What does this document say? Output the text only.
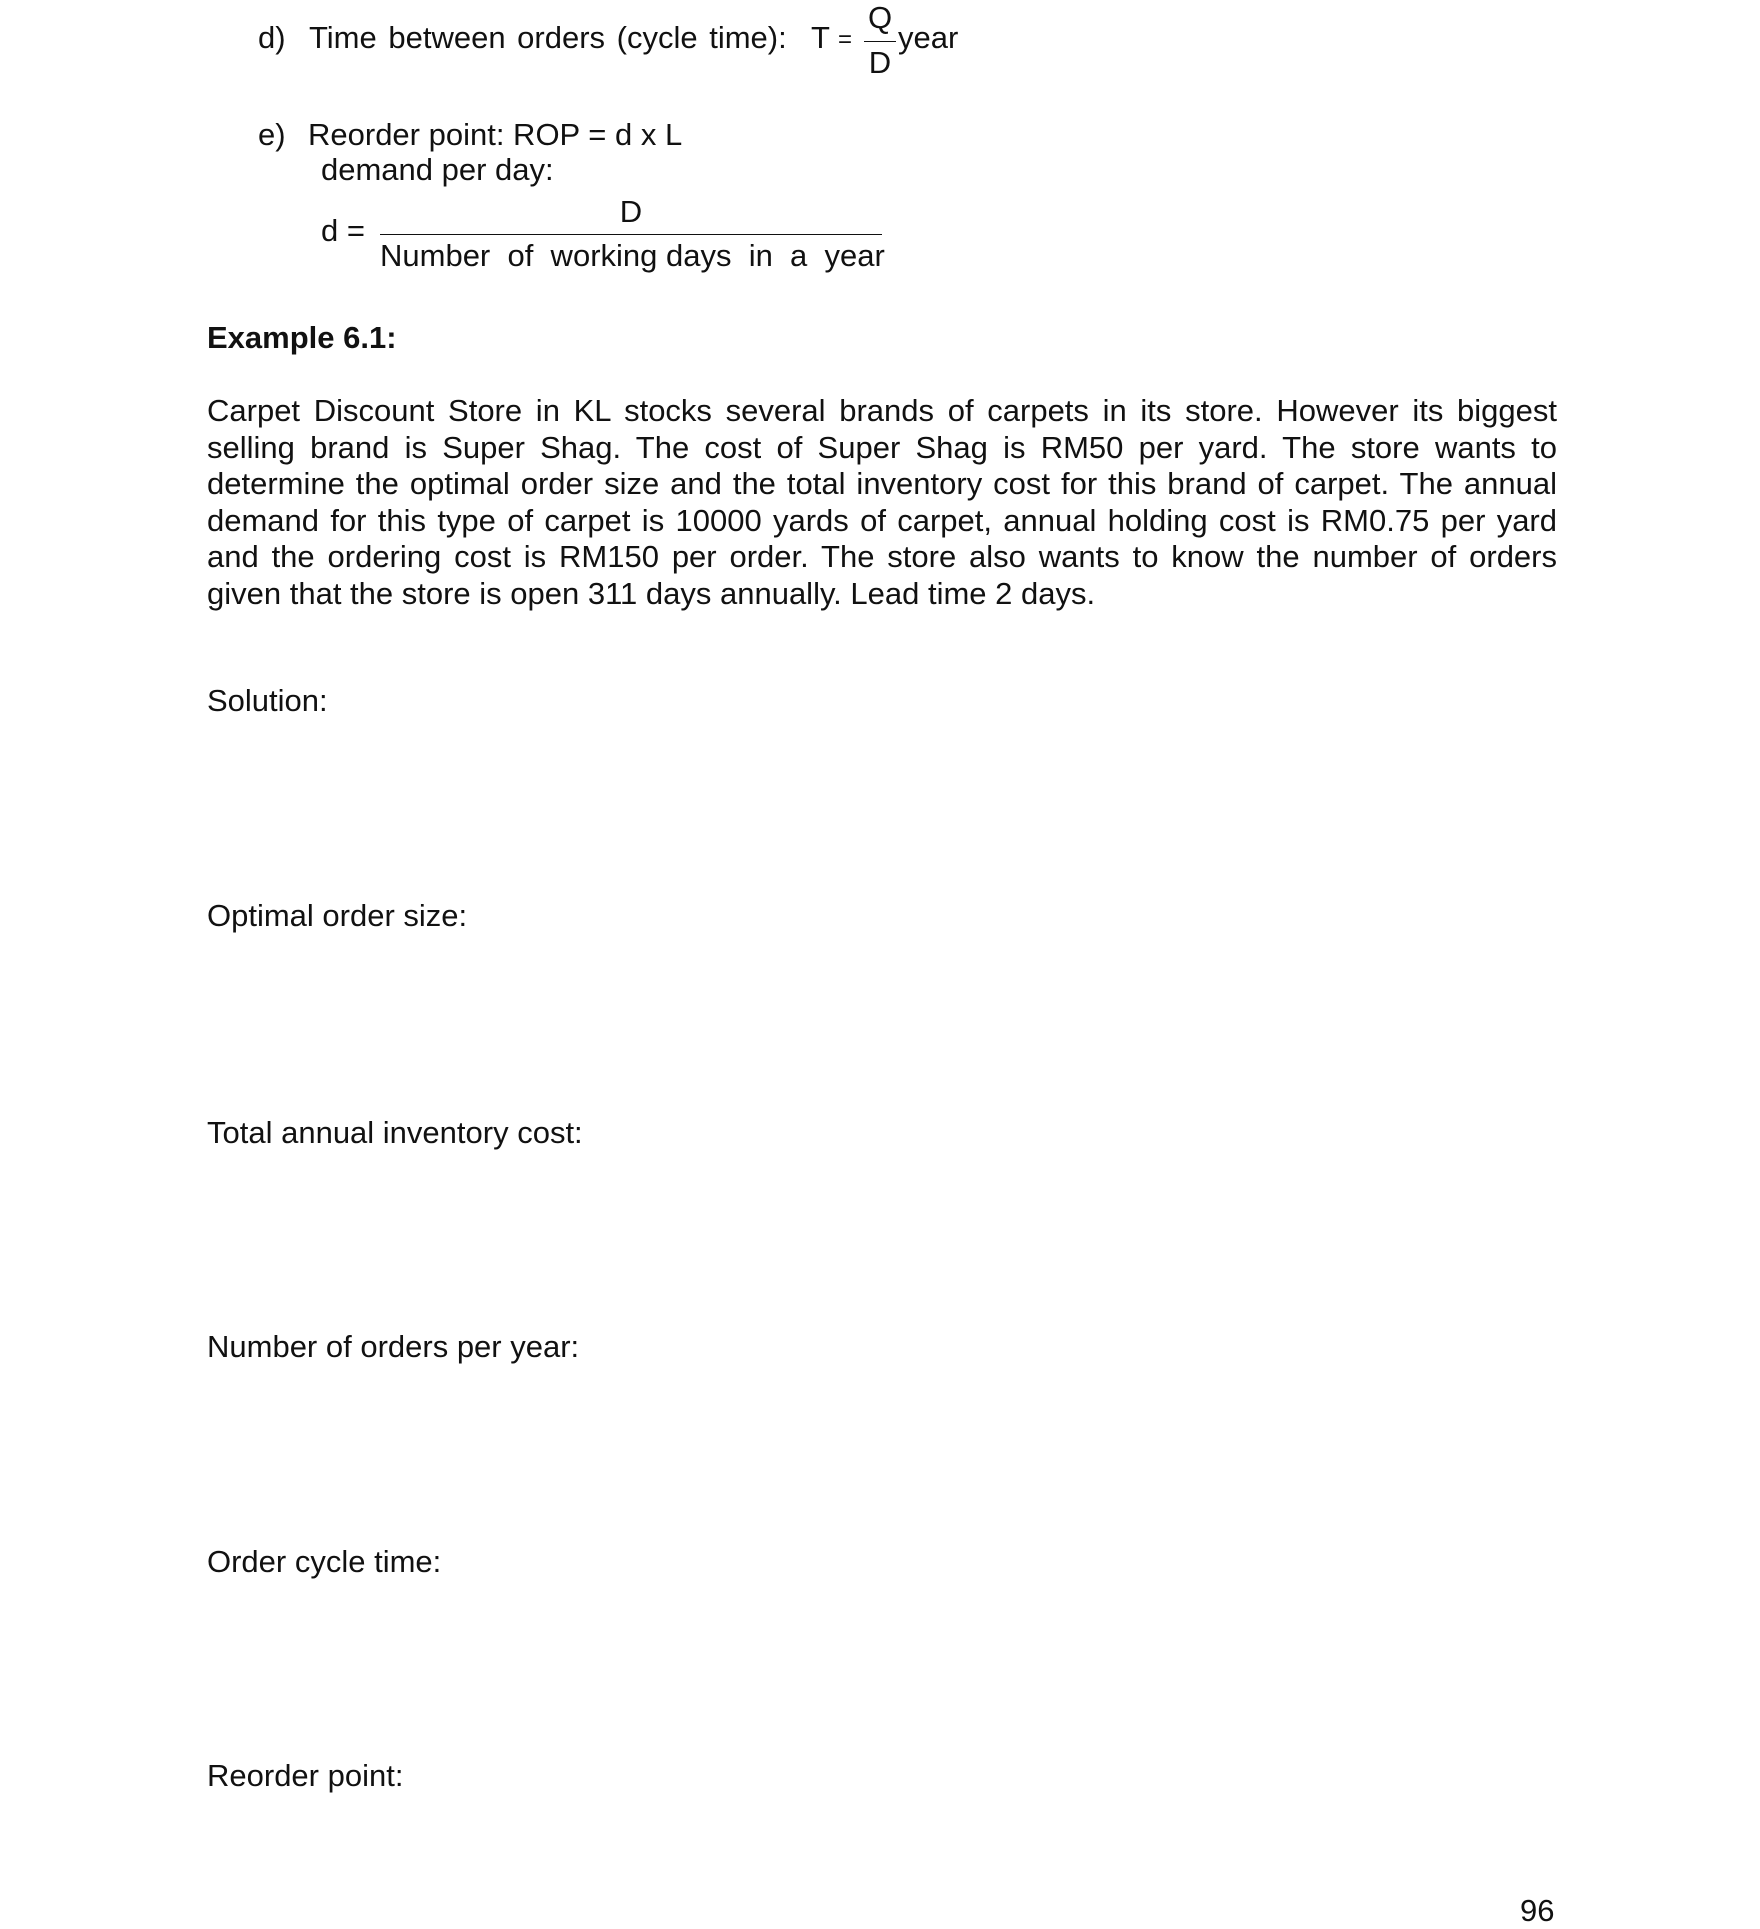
d) Time between orders (cycle time): T =
Q
D
year
e) Reorder point: ROP = d x L
demand per day:
d =
D
Number  of  working days  in  a  year
Example 6.1:
Carpet Discount Store in KL stocks several brands of carpets in its store. However its biggest selling brand is Super Shag. The cost of Super Shag is RM50 per yard. The store wants to determine the optimal order size and the total inventory cost for this brand of carpet. The annual demand for this type of carpet is 10000 yards of carpet, annual holding cost is RM0.75 per yard and the ordering cost is RM150 per order. The store also wants to know the number of orders given that the store is open 311 days annually. Lead time 2 days.
Solution:
Optimal order size:
Total annual inventory cost:
Number of orders per year:
Order cycle time:
Reorder point:
96
